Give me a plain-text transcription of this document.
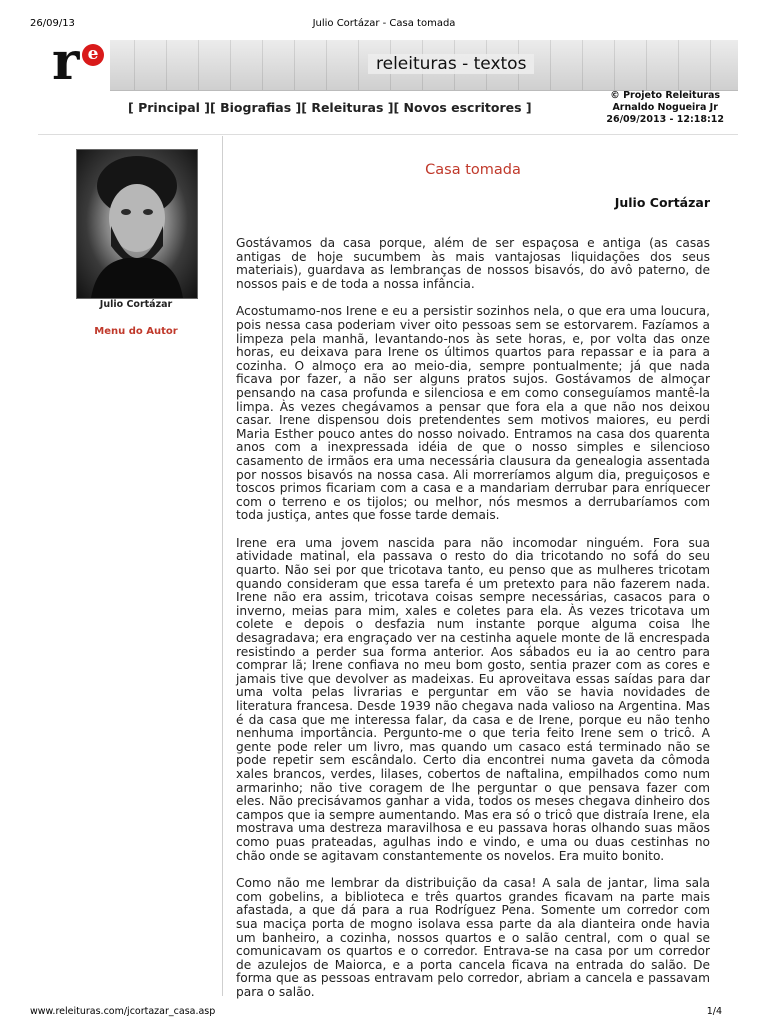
26/09/13	Julio Cortázar - Casa tomada
r e	releituras - textos
[ Principal ][ Biografias ][ Releituras ][ Novos escritores ]
© Projeto Releituras
Arnaldo Nogueira Jr
26/09/2013 - 12:18:12
Julio Cortázar
Menu do Autor
Casa tomada
Julio Cortázar

Gostávamos da casa porque, além de ser espaçosa e antiga (as casas antigas de hoje sucumbem às mais vantajosas liquidações dos seus materiais), guardava as lembranças de nossos bisavós, do avô paterno, de nossos pais e de toda a nossa infância.

Acostumamo-nos Irene e eu a persistir sozinhos nela, o que era uma loucura, pois nessa casa poderiam viver oito pessoas sem se estorvarem. Fazíamos a limpeza pela manhã, levantando-nos às sete horas, e, por volta das onze horas, eu deixava para Irene os últimos quartos para repassar e ia para a cozinha. O almoço era ao meio-dia, sempre pontualmente; já que nada ficava por fazer, a não ser alguns pratos sujos. Gostávamos de almoçar pensando na casa profunda e silenciosa e em como conseguíamos mantê-la limpa. Às vezes chegávamos a pensar que fora ela a que não nos deixou casar. Irene dispensou dois pretendentes sem motivos maiores, eu perdi Maria Esther pouco antes do nosso noivado. Entramos na casa dos quarenta anos com a inexpressada idéia de que o nosso simples e silencioso casamento de irmãos era uma necessária clausura da genealogia assentada por nossos bisavós na nossa casa. Ali morreríamos algum dia, preguiçosos e toscos primos ficariam com a casa e a mandariam derrubar para enriquecer com o terreno e os tijolos; ou melhor, nós mesmos a derrubaríamos com toda justiça, antes que fosse tarde demais.

Irene era uma jovem nascida para não incomodar ninguém. Fora sua atividade matinal, ela passava o resto do dia tricotando no sofá do seu quarto. Não sei por que tricotava tanto, eu penso que as mulheres tricotam quando consideram que essa tarefa é um pretexto para não fazerem nada. Irene não era assim, tricotava coisas sempre necessárias, casacos para o inverno, meias para mim, xales e coletes para ela. Às vezes tricotava um colete e depois o desfazia num instante porque alguma coisa lhe desagradava; era engraçado ver na cestinha aquele monte de lã encrespada resistindo a perder sua forma anterior. Aos sábados eu ia ao centro para comprar lã; Irene confiava no meu bom gosto, sentia prazer com as cores e jamais tive que devolver as madeixas. Eu aproveitava essas saídas para dar uma volta pelas livrarias e perguntar em vão se havia novidades de literatura francesa. Desde 1939 não chegava nada valioso na Argentina. Mas é da casa que me interessa falar, da casa e de Irene, porque eu não tenho nenhuma importância. Pergunto-me o que teria feito Irene sem o tricô. A gente pode reler um livro, mas quando um casaco está terminado não se pode repetir sem escândalo. Certo dia encontrei numa gaveta da cômoda xales brancos, verdes, lilases, cobertos de naftalina, empilhados como num armarinho; não tive coragem de lhe perguntar o que pensava fazer com eles. Não precisávamos ganhar a vida, todos os meses chegava dinheiro dos campos que ia sempre aumentando. Mas era só o tricô que distraía Irene, ela mostrava uma destreza maravilhosa e eu passava horas olhando suas mãos como puas prateadas, agulhas indo e vindo, e uma ou duas cestinhas no chão onde se agitavam constantemente os novelos. Era muito bonito.

Como não me lembrar da distribuição da casa! A sala de jantar, lima sala com gobelins, a biblioteca e três quartos grandes ficavam na parte mais afastada, a que dá para a rua Rodríguez Pena. Somente um corredor com sua maciça porta de mogno isolava essa parte da ala dianteira onde havia um banheiro, a cozinha, nossos quartos e o salão central, com o qual se comunicavam os quartos e o corredor. Entrava-se na casa por um corredor de azulejos de Maiorca, e a porta cancela ficava na entrada do salão. De forma que as pessoas entravam pelo corredor, abriam a cancela e passavam para o salão.

www.releituras.com/jcortazar_casa.asp	1/4
